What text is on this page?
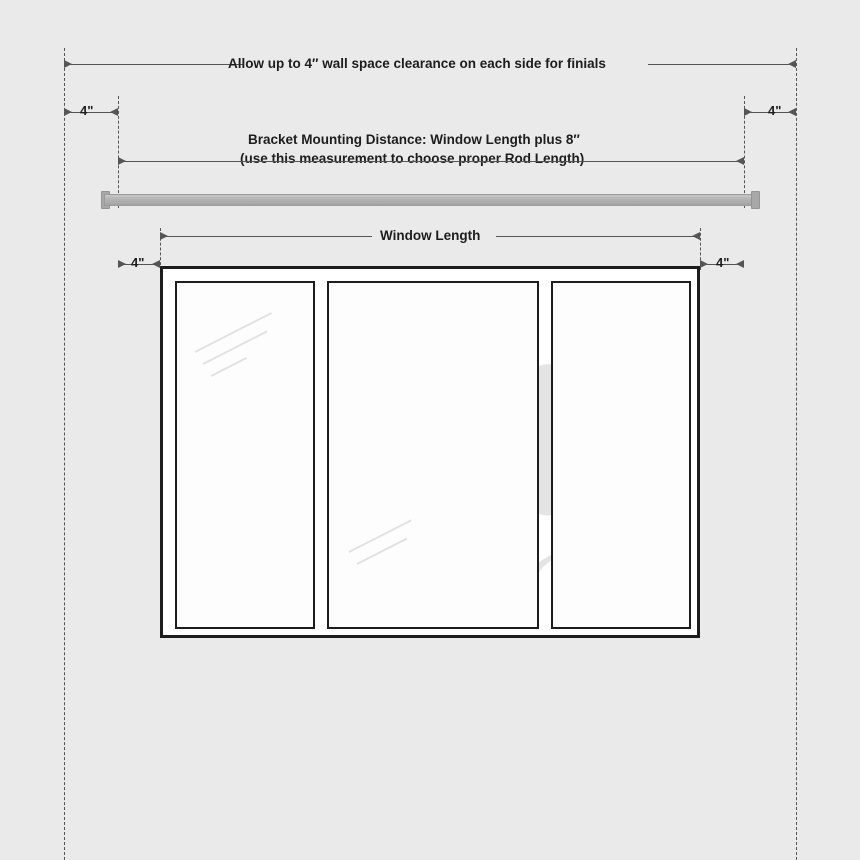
Allow up to 4″ wall space clearance on each side for finials
4"	4"
Bracket Mounting Distance: Window Length plus 8″
(use this measurement to choose proper Rod Length)
Window Length
4"	4"
